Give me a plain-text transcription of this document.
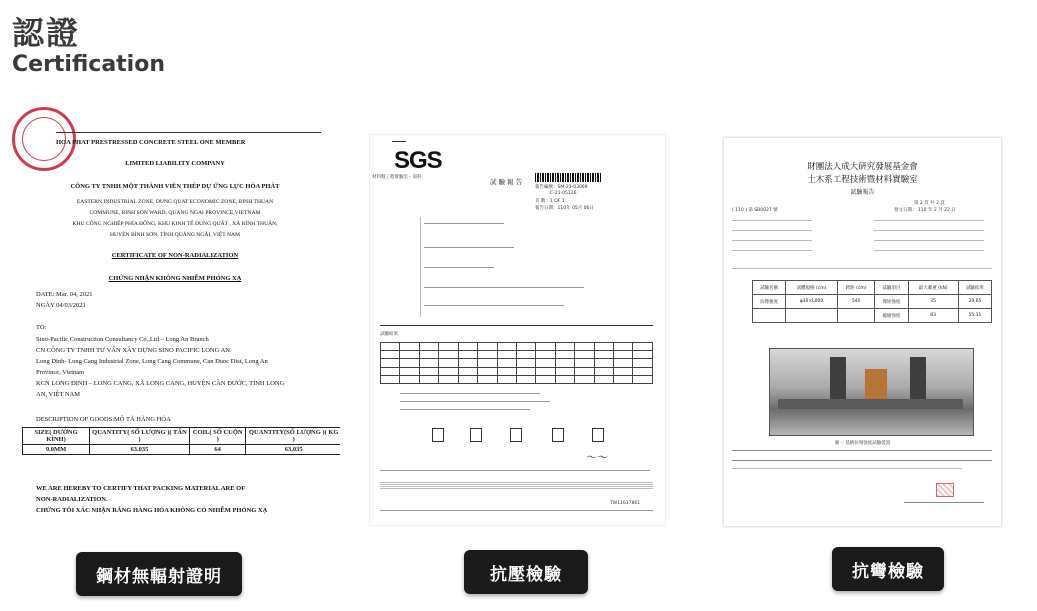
認證
Certification
HOA PHAT PRESTRESSED CONCRETE STEEL ONE MEMBER
LIMITED LIABILITY COMPANY
CÔNG TY TNHH MỘT THÀNH VIÊN THÉP DỰ ỨNG LỰC HÒA PHÁT
EASTERN INDUSTRIAL ZONE, DUNG QUAT ECONOMIC ZONE, BINH THUAN
COMMUNE, BINH SON WARD, QUANG NGAI PROVINCE,VIETNAM
KHU CÔNG NGHIỆP PHÍA ĐÔNG, KHU KINH TẾ DUNG QUẤT , XÃ BÌNH THUẬN,
HUYỆN BÌNH SƠN, TỈNH QUẢNG NGÃI, VIỆT NAM
CERTIFICATE OF NON-RADIALIZATION
CHỨNG NHẬN KHÔNG NHIỄM PHÓNG XẠ
DATE: Mar. 04, 2021
NGÀY 04/03/2021
TO:
Sino-Pacific Construction Consultancy Co.,Ltd – Long An Branch
CN CÔNG TY TNHH TƯ VẤN XÂY DỰNG SINO PACIFIC LONG AN.
Long Dinh- Long Cang Industrial Zone, Long Cang Commune, Can Duoc Dist, Long An
Province, Vietnam
KCN LONG ĐỊNH – LONG CANG, XÃ LONG CANG, HUYỆN CẦN ĐƯỚC, TỈNH LONG
AN, VIỆT NAM
DESCRIPTION OF GOODS:MÔ TẢ HÀNG HÓA
SIZE( DƯỜNG KÍNH)	QUANTITY( SỐ LƯỢNG )( TẤN )	COIL( SỐ CUỘN )	QUANTITY(SỐ LƯỢNG )( KG )
9.0MM	63.035	64	63,035
WE ARE HEREBY TO CERTIFY THAT PACKING MATERIAL ARE OF
NON-RADIALIZATION.
CHỨNG TÔI XÁC NHẬN RẰNG HÀNG HÓA KHÔNG CÓ NHIỄM PHÓNG XẠ
SGS
材料暨工程實驗室 - 南科
試 驗 報 告
報告編號：SM-21-03069
C-21-05126
頁 數：1 OF 1
報告日期：110年 05月 06日
試驗結果

〜〜
TW11617861
財團法人成大研究發展基金會
土木系工程技術暨材料實驗室
試驗報告
第 2 頁 共 2 頁
( 110 ) 第 SB0027 號	發文日期： 110 年 2 月 22 日
試驗名稱	試體規格 (cm)	跨距 (cm)	試驗項目	最大載重 (kN)	試驗結果
抗彎強度	φ30×L000	540	彎矩強度	35	29.65
			破壞強度	83	55.11
圖一 基樁抗彎強度試驗裝置
鋼材無輻射證明	抗壓檢驗	抗彎檢驗
